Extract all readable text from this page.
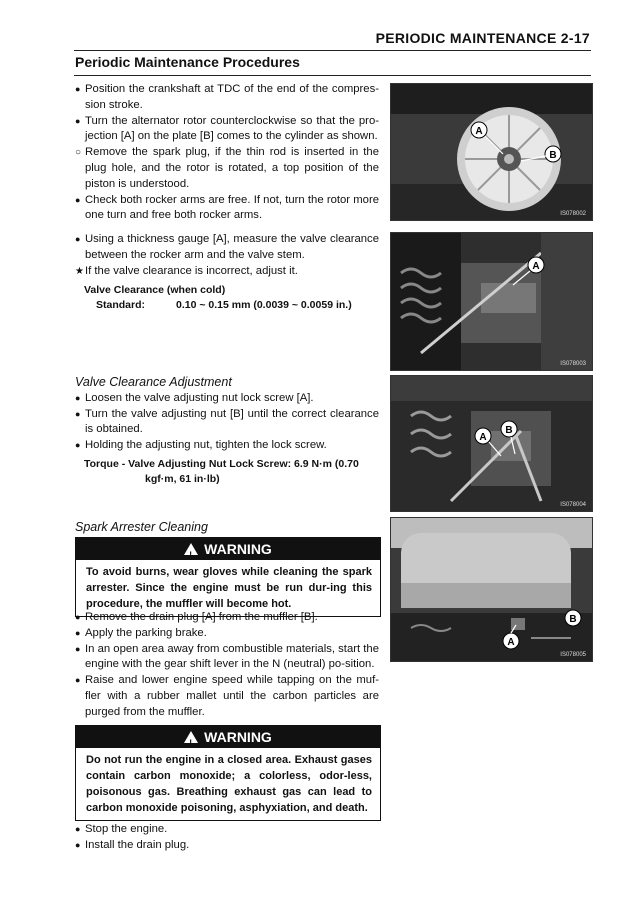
PERIODIC MAINTENANCE 2-17
Periodic Maintenance Procedures
● Position the crankshaft at TDC of the end of the compres-sion stroke.
● Turn the alternator rotor counterclockwise so that the pro-jection [A] on the plate [B] comes to the cylinder as shown.
○ Remove the spark plug, if the thin rod is inserted in the plug hole, and the rotor is rotated, a top position of the piston is understood.
● Check both rocker arms are free. If not, turn the rotor more one turn and free both rocker arms.
● Using a thickness gauge [A], measure the valve clearance between the rocker arm and the valve stem.
★ If the valve clearance is incorrect, adjust it.
Valve Clearance (when cold)
Standard:	0.10 ~ 0.15 mm (0.0039 ~ 0.0059 in.)
Valve Clearance Adjustment
● Loosen the valve adjusting nut lock screw [A].
● Turn the valve adjusting nut [B] until the correct clearance is obtained.
● Holding the adjusting nut, tighten the lock screw.
Torque - Valve Adjusting Nut Lock Screw: 6.9 N·m (0.70
kgf·m, 61 in·lb)
Spark Arrester Cleaning
! WARNING
To avoid burns, wear gloves while cleaning the spark arrester. Since the engine must be run dur-ing this procedure, the muffler will become hot.
● Remove the drain plug [A] from the muffler [B].
● Apply the parking brake.
● In an open area away from combustible materials, start the engine with the gear shift lever in the N (neutral) po-sition.
● Raise and lower engine speed while tapping on the muf-fler with a rubber mallet until the carbon particles are purged from the muffler.
! WARNING
Do not run the engine in a closed area. Exhaust gases contain carbon monoxide; a colorless, odor-less, poisonous gas. Breathing exhaust gas can lead to carbon monoxide poisoning, asphyxiation, and death.
● Stop the engine.
● Install the drain plug.
A
B
IS078002
A
IS078003
A
B
IS078004
A
B
IS078005
